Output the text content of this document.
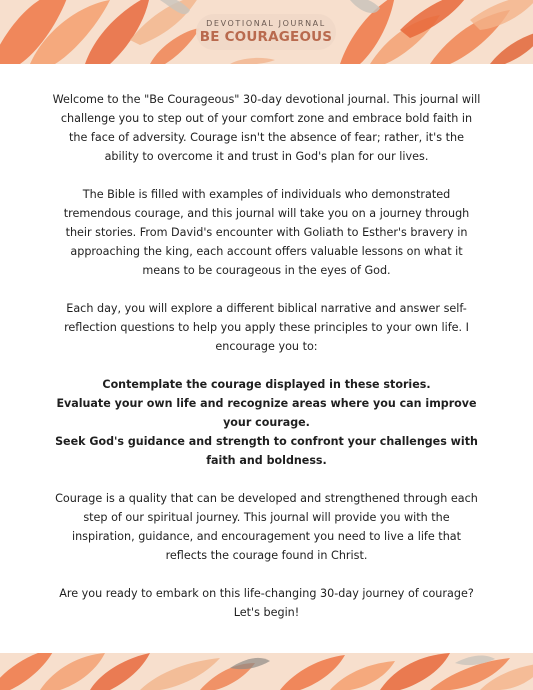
DEVOTIONAL JOURNAL
BE COURAGEOUS

Welcome to the "Be Courageous" 30-day devotional journal. This journal will challenge you to step out of your comfort zone and embrace bold faith in the face of adversity. Courage isn't the absence of fear; rather, it's the ability to overcome it and trust in God's plan for our lives.

The Bible is filled with examples of individuals who demonstrated tremendous courage, and this journal will take you on a journey through their stories. From David's encounter with Goliath to Esther's bravery in approaching the king, each account offers valuable lessons on what it means to be courageous in the eyes of God.

Each day, you will explore a different biblical narrative and answer self-reflection questions to help you apply these principles to your own life. I encourage you to:

Contemplate the courage displayed in these stories.
Evaluate your own life and recognize areas where you can improve your courage.
Seek God's guidance and strength to confront your challenges with faith and boldness.

Courage is a quality that can be developed and strengthened through each step of our spiritual journey. This journal will provide you with the inspiration, guidance, and encouragement you need to live a life that reflects the courage found in Christ.

Are you ready to embark on this life-changing 30-day journey of courage? Let's begin!
